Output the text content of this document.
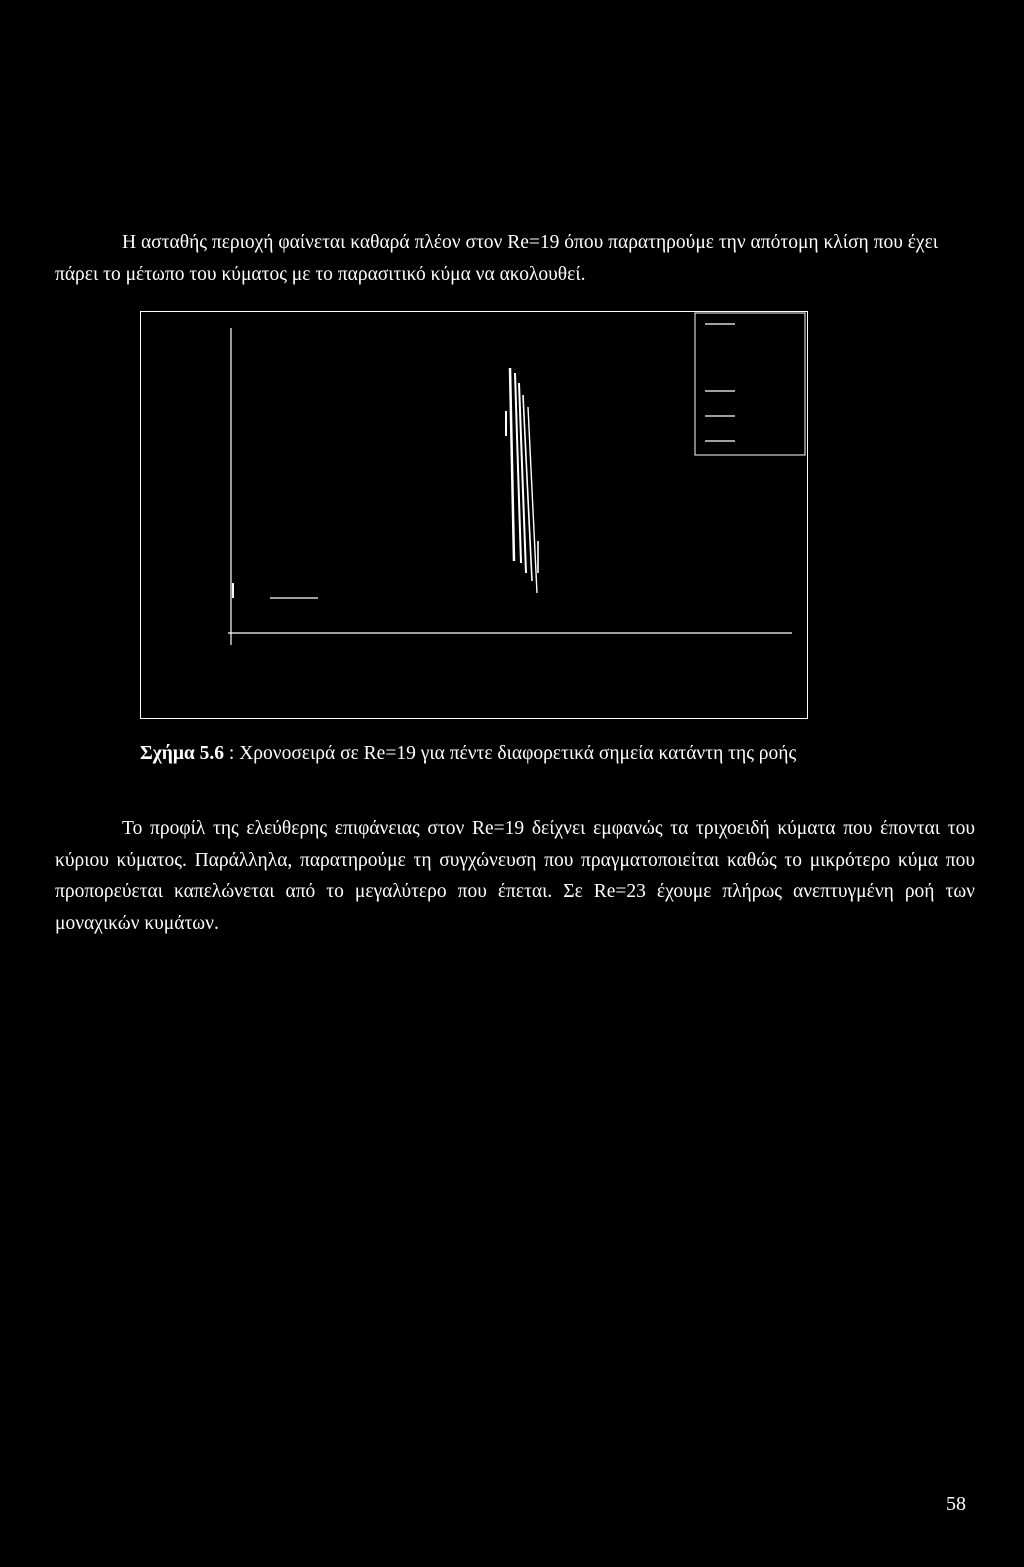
Η ασταθής περιοχή φαίνεται καθαρά πλέον στον Re=19 όπου παρατηρούμε την απότομη κλίση που έχει πάρει το μέτωπο του κύματος με το παρασιτικό κύμα να ακολουθεί.

Σχήμα 5.6 : Χρονοσειρά σε Re=19 για πέντε διαφορετικά σημεία κατάντη της ροής

Το προφίλ της ελεύθερης επιφάνειας στον Re=19 δείχνει εμφανώς τα τριχοειδή κύματα που έπονται του κύριου κύματος. Παράλληλα, παρατηρούμε τη συγχώνευση που πραγματοποιείται καθώς το μικρότερο κύμα που προπορεύεται καπελώνεται από το μεγαλύτερο που έπεται. Σε Re=23 έχουμε πλήρως ανεπτυγμένη ροή των μοναχικών κυμάτων.

58
